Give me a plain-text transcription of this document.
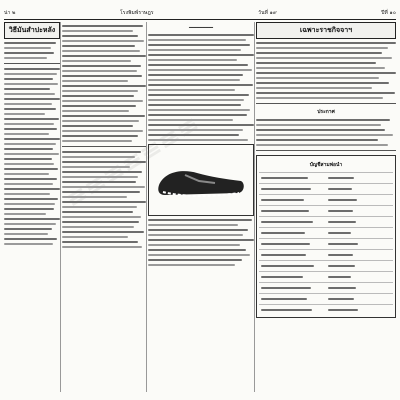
น่า ๒	โรงพิมพ์ราษฎร	วันที่ ๑๙	ปีที่ ๑๐
วิธีมันสำปะหลัง	━━━━━━━━	เฉพาะราชกิจจาฯ
ประกาศ
บัญชีสามพ่อนำ
